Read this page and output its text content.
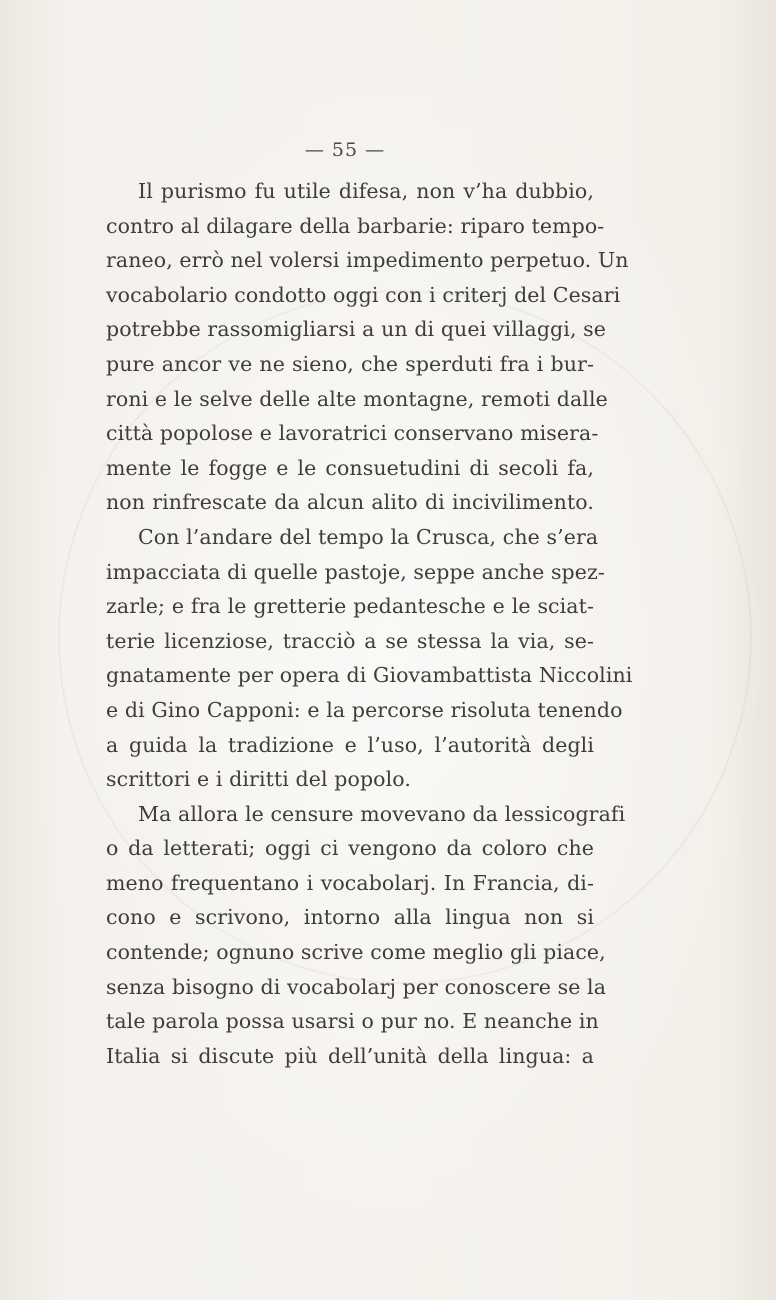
— 55 —
Il purismo fu utile difesa, non v’ha dubbio,
contro al dilagare della barbarie: riparo tempo-
raneo, errò nel volersi impedimento perpetuo. Un
vocabolario condotto oggi con i criterj del Cesari
potrebbe rassomigliarsi a un di quei villaggi, se
pure ancor ve ne sieno, che sperduti fra i bur-
roni e le selve delle alte montagne, remoti dalle
città popolose e lavoratrici conservano misera-
mente le fogge e le consuetudini di secoli fa,
non rinfrescate da alcun alito di incivilimento.
Con l’andare del tempo la Crusca, che s’era
impacciata di quelle pastoje, seppe anche spez-
zarle; e fra le gretterie pedantesche e le sciat-
terie licenziose, tracciò a se stessa la via, se-
gnatamente per opera di Giovambattista Niccolini
e di Gino Capponi: e la percorse risoluta tenendo
a guida la tradizione e l’uso, l’autorità degli
scrittori e i diritti del popolo.
Ma allora le censure movevano da lessicografi
o da letterati; oggi ci vengono da coloro che
meno frequentano i vocabolarj. In Francia, di-
cono e scrivono, intorno alla lingua non si
contende; ognuno scrive come meglio gli piace,
senza bisogno di vocabolarj per conoscere se la
tale parola possa usarsi o pur no. E neanche in
Italia si discute più dell’unità della lingua: a
